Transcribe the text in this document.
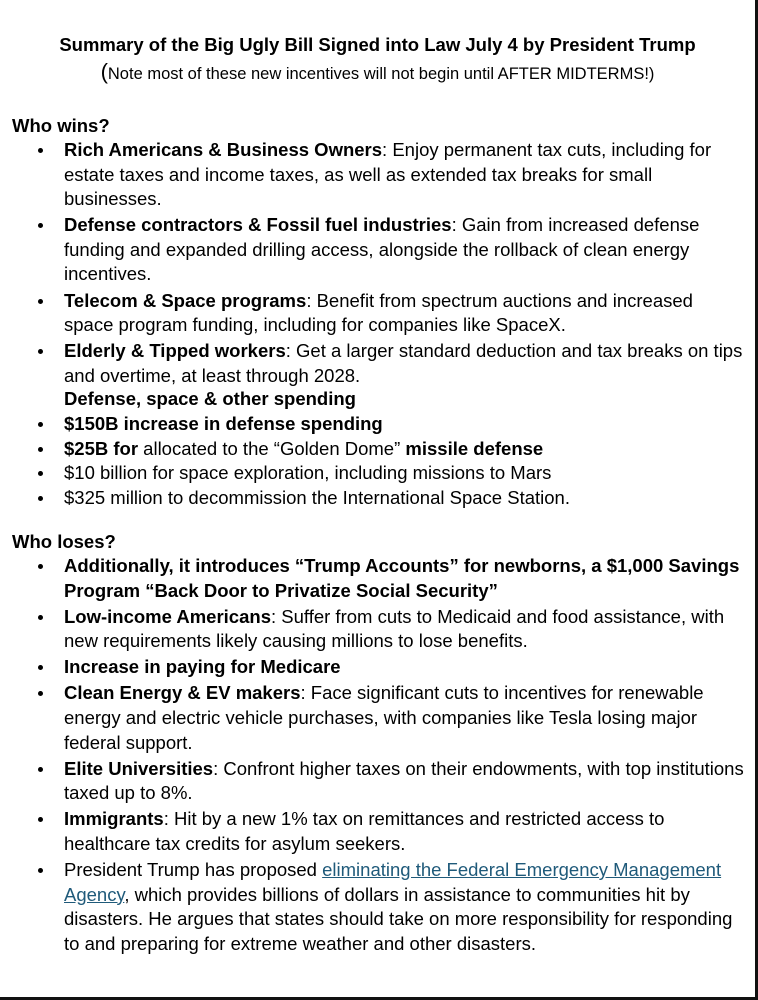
Summary of the Big Ugly Bill Signed into Law July 4 by President Trump
(Note most of these new incentives will not begin until AFTER MIDTERMS!)
Who wins?
Rich Americans & Business Owners: Enjoy permanent tax cuts, including for estate taxes and income taxes, as well as extended tax breaks for small businesses.
Defense contractors & Fossil fuel industries: Gain from increased defense funding and expanded drilling access, alongside the rollback of clean energy incentives.
Telecom & Space programs: Benefit from spectrum auctions and increased space program funding, including for companies like SpaceX.
Elderly & Tipped workers: Get a larger standard deduction and tax breaks on tips and overtime, at least through 2028.
Defense, space & other spending
$150B increase in defense spending
$25B for allocated to the “Golden Dome” missile defense
$10 billion for space exploration, including missions to Mars
$325 million to decommission the International Space Station.
Who loses?
Additionally, it introduces “Trump Accounts” for newborns, a $1,000 Savings Program “Back Door to Privatize Social Security”
Low-income Americans: Suffer from cuts to Medicaid and food assistance, with new requirements likely causing millions to lose benefits.
Increase in paying for Medicare
Clean Energy & EV makers: Face significant cuts to incentives for renewable energy and electric vehicle purchases, with companies like Tesla losing major federal support.
Elite Universities: Confront higher taxes on their endowments, with top institutions taxed up to 8%.
Immigrants: Hit by a new 1% tax on remittances and restricted access to healthcare tax credits for asylum seekers.
President Trump has proposed eliminating the Federal Emergency Management Agency, which provides billions of dollars in assistance to communities hit by disasters. He argues that states should take on more responsibility for responding to and preparing for extreme weather and other disasters.
